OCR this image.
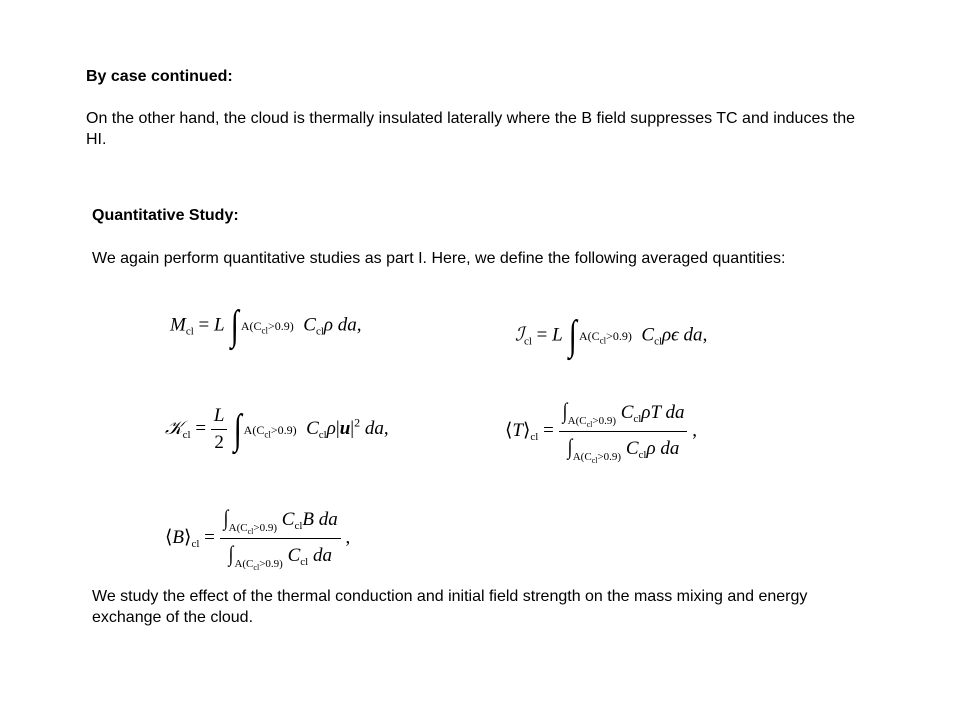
By case continued:
On the other hand, the cloud is thermally insulated laterally where the B field suppresses TC and induces the HI.
Quantitative Study:
We again perform quantitative studies as part I. Here, we define the following averaged quantities:
$M_{cl} = L$ ∫ $A(C_{cl}>0.9)$ $C_{cl}\rho$ da,	ℐ$_{cl}$ = L ∫ $A(C_{cl}>0.9)$ $C_{cl}\rho\epsilon$ da,
𝒦$_{cl}$ = $\frac{L}{2}$ ∫ $A(C_{cl}>0.9)$ $C_{cl}\rho|u|^2$ da,	$⟨T⟩_{cl} = \frac{\int_{A(C_{cl}>0.9)} C_{cl}\rho T da}{\int_{A(C_{cl}>0.9)} C_{cl}\rho da}$ ,
$⟨B⟩_{cl} = \frac{\int_{A(C_{cl}>0.9)} C_{cl}B da}{\int_{A(C_{cl}>0.9)} C_{cl} da}$ ,
We study the effect of the thermal conduction and initial field strength on the mass mixing and energy exchange of the cloud.
